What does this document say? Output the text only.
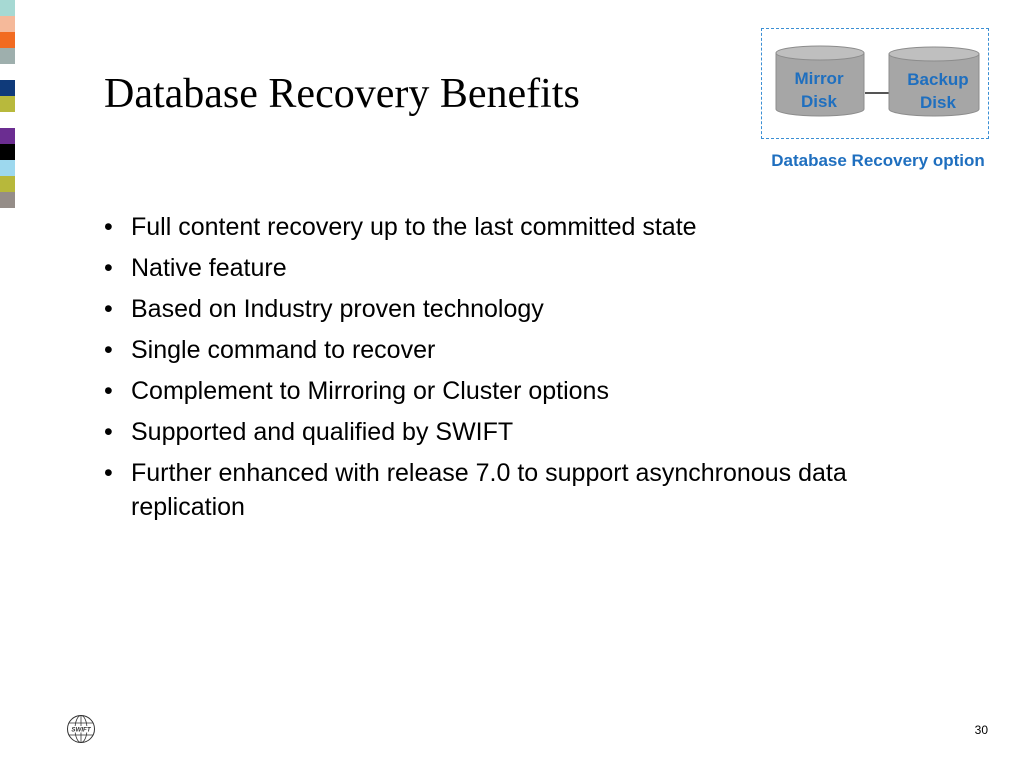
Database Recovery Benefits	Mirror
Disk
Backup
Disk
Database Recovery option
• Full content recovery up to the last committed state
• Native feature
• Based on Industry proven technology
• Single command to recover
• Complement to Mirroring or Cluster options
• Supported and qualified by SWIFT
• Further enhanced with release 7.0 to support asynchronous data replication
SWIFT	30
